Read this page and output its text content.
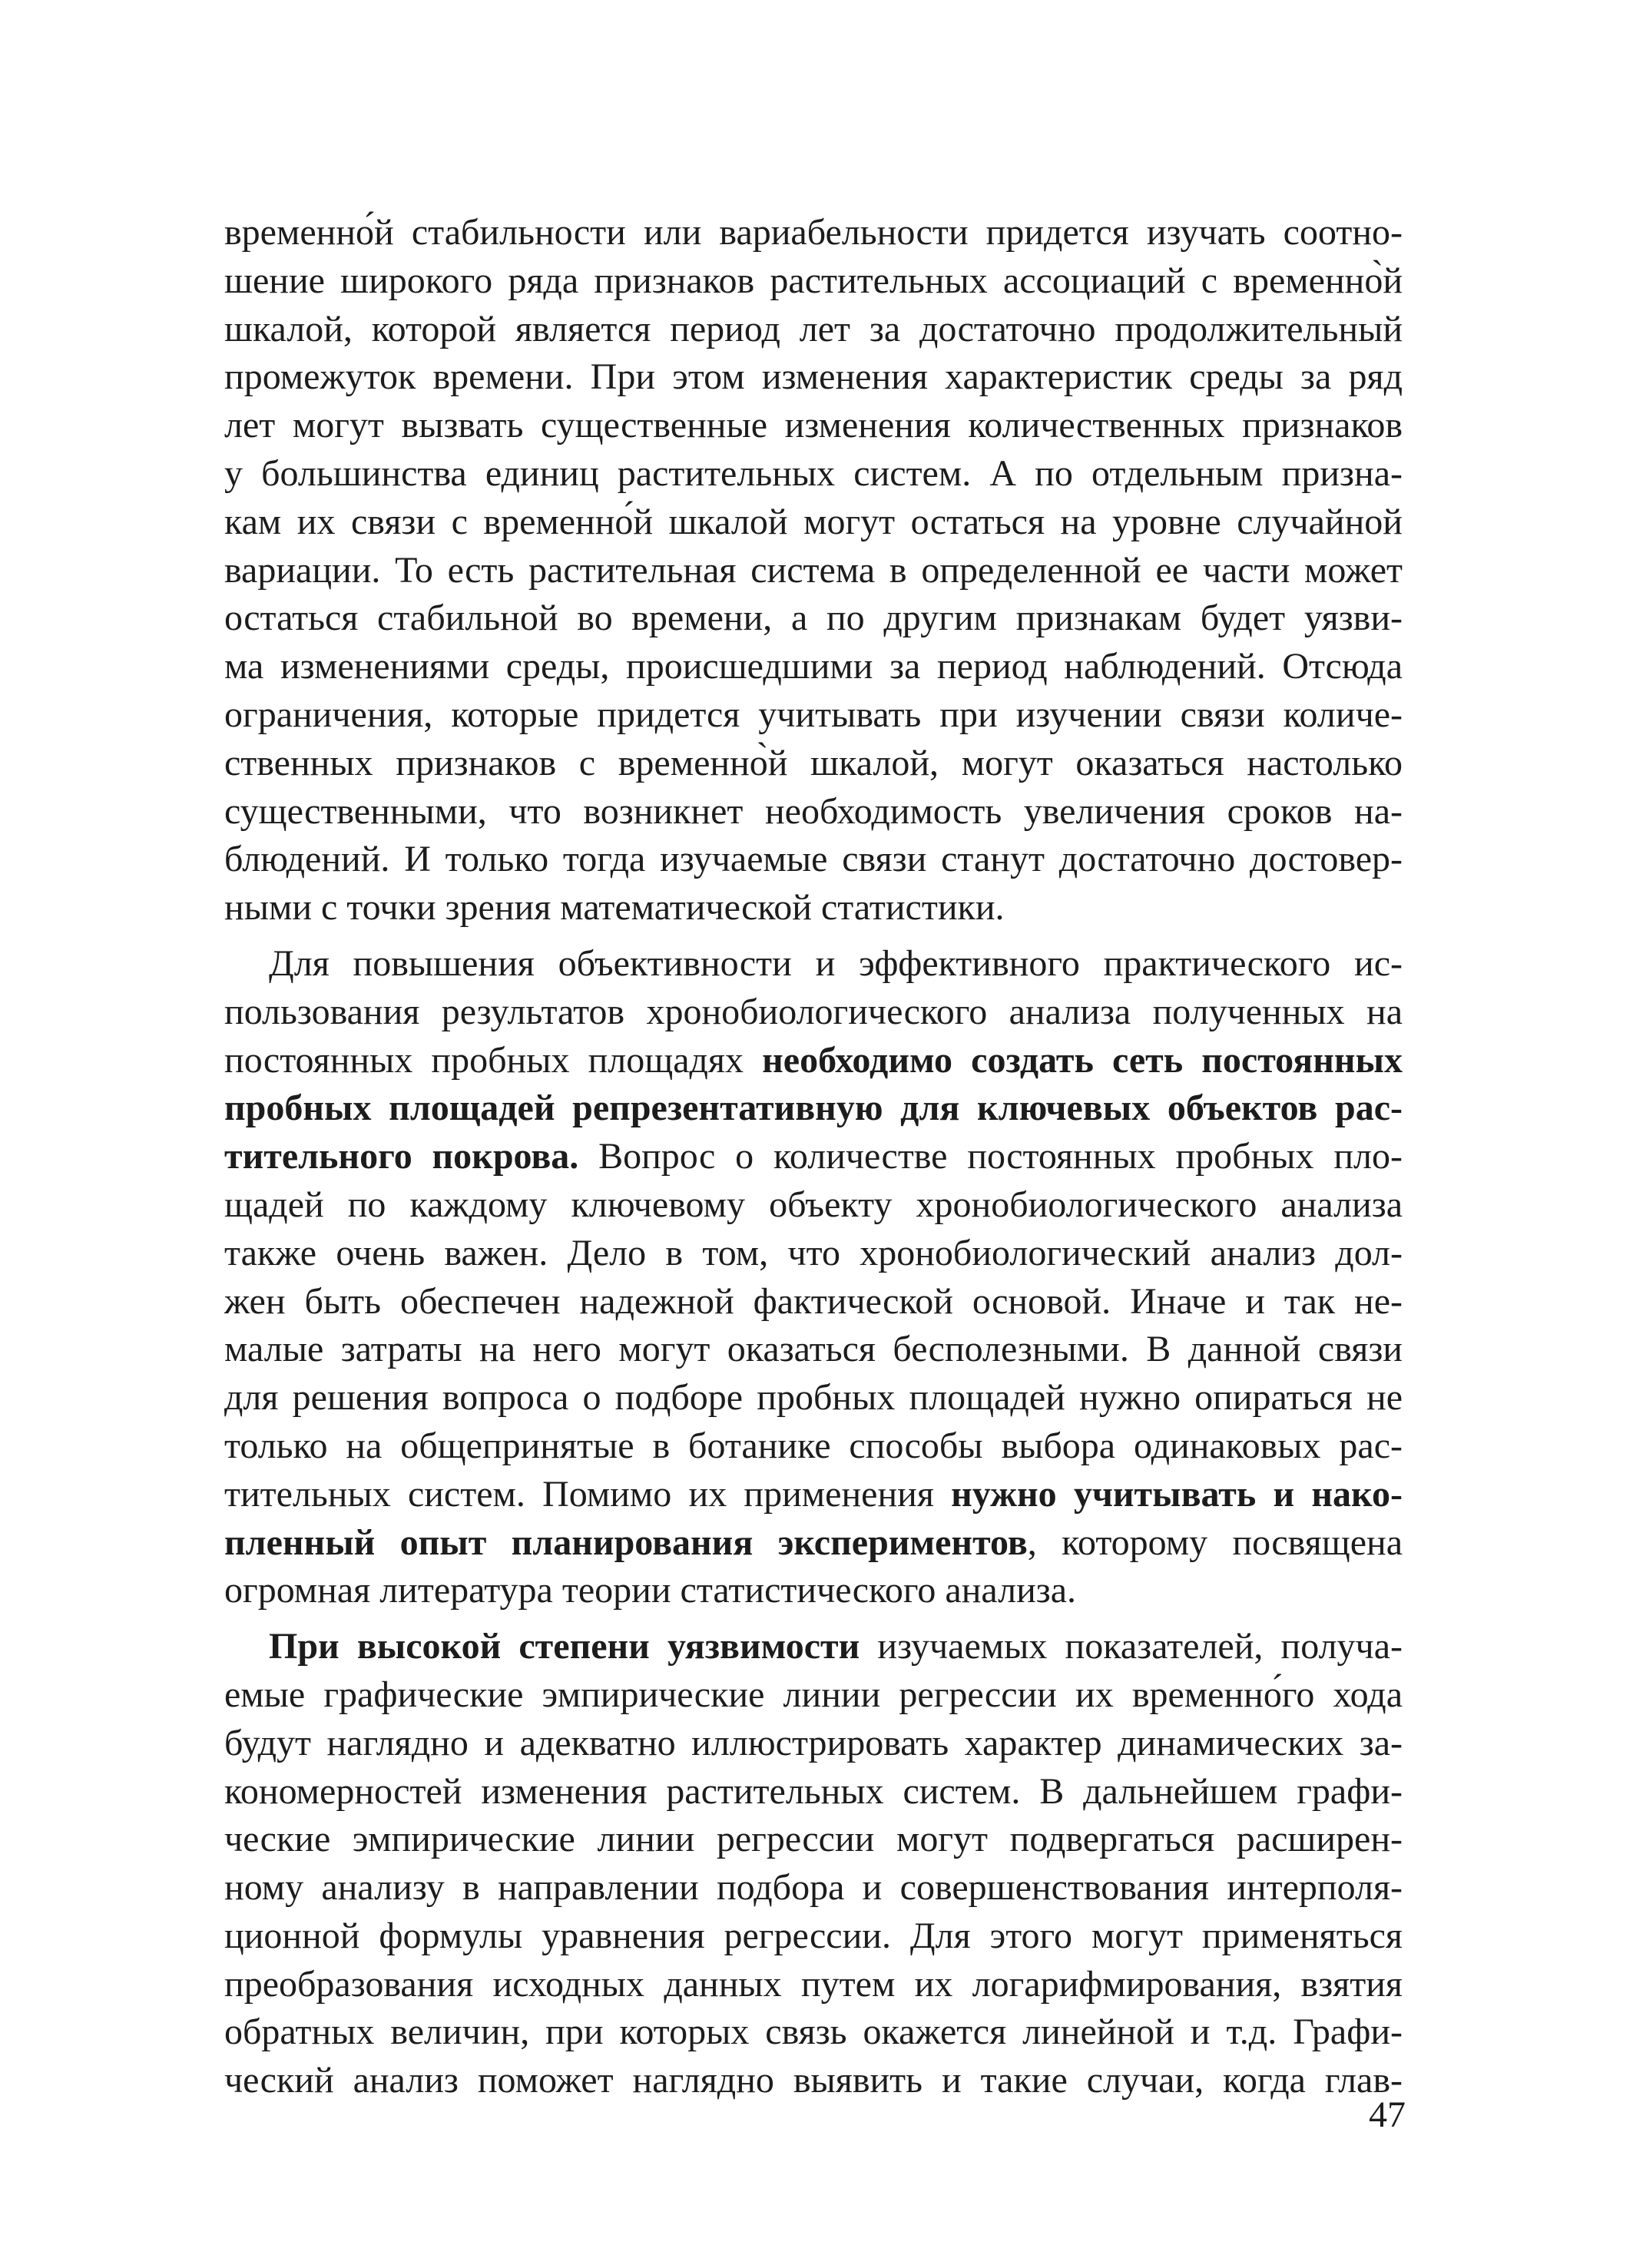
временно́й стабильности или вариабельности придется изучать соотно-
шение широкого ряда признаков растительных ассоциаций с временно̀й
шкалой, которой является период лет за достаточно продолжительный
промежуток времени. При этом изменения характеристик среды за ряд
лет могут вызвать существенные изменения количественных признаков
у большинства единиц растительных систем. А по отдельным призна-
кам их связи с временно́й шкалой могут остаться на уровне случайной
вариации. То есть растительная система в определенной ее части может
остаться стабильной во времени, а по другим признакам будет уязви-
ма изменениями среды, происшедшими за период наблюдений. Отсюда
ограничения, которые придется учитывать при изучении связи количе-
ственных признаков с временно̀й шкалой, могут оказаться настолько
существенными, что возникнет необходимость увеличения сроков на-
блюдений. И только тогда изучаемые связи станут достаточно достовер-
ными с точки зрения математической статистики.
Для повышения объективности и эффективного практического ис-
пользования результатов хронобиологического анализа полученных на
постоянных пробных площадях необходимо создать сеть постоянных
пробных площадей репрезентативную для ключевых объектов рас-
тительного покрова. Вопрос о количестве постоянных пробных пло-
щадей по каждому ключевому объекту хронобиологического анализа
также очень важен. Дело в том, что хронобиологический анализ дол-
жен быть обеспечен надежной фактической основой. Иначе и так не-
малые затраты на него могут оказаться бесполезными. В данной связи
для решения вопроса о подборе пробных площадей нужно опираться не
только на общепринятые в ботанике способы выбора одинаковых рас-
тительных систем. Помимо их применения нужно учитывать и нако-
пленный опыт планирования экспериментов, которому посвящена
огромная литература теории статистического анализа.
При высокой степени уязвимости изучаемых показателей, получа-
емые графические эмпирические линии регрессии их временно́го хода
будут наглядно и адекватно иллюстрировать характер динамических за-
кономерностей изменения растительных систем. В дальнейшем графи-
ческие эмпирические линии регрессии могут подвергаться расширен-
ному анализу в направлении подбора и совершенствования интерполя-
ционной формулы уравнения регрессии. Для этого могут применяться
преобразования исходных данных путем их логарифмирования, взятия
обратных величин, при которых связь окажется линейной и т.д. Графи-
ческий анализ поможет наглядно выявить и такие случаи, когда глав-
47
